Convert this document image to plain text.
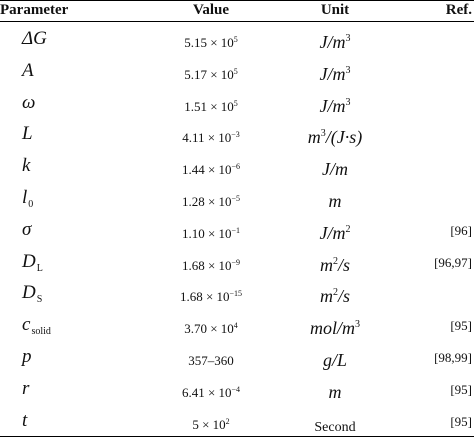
Parameter	Value	Unit	Ref.
ΔG	$5.15 \times 10^5$	$J/m^3$
A	$5.17 \times 10^5$	$J/m^3$
ω	$1.51 \times 10^5$	$J/m^3$
L	$4.11 \times 10^{-3}$	$m^3/(J\cdot s)$
k	$1.44 \times 10^{-6}$	J/m
$l_0$	$1.28 \times 10^{-5}$	m
σ	$1.10 \times 10^{-1}$	$J/m^2$	[96]
$D_L$	$1.68 \times 10^{-9}$	$m^2/s$	[96,97]
$D_S$	$1.68 \times 10^{-15}$	$m^2/s$
$c_{solid}$	$3.70 \times 10^4$	mol/$m^3$	[95]
p	357–360	g/L	[98,99]
r	$6.41 \times 10^{-4}$	m	[95]
t	$5 \times 10^2$	Second	[95]
